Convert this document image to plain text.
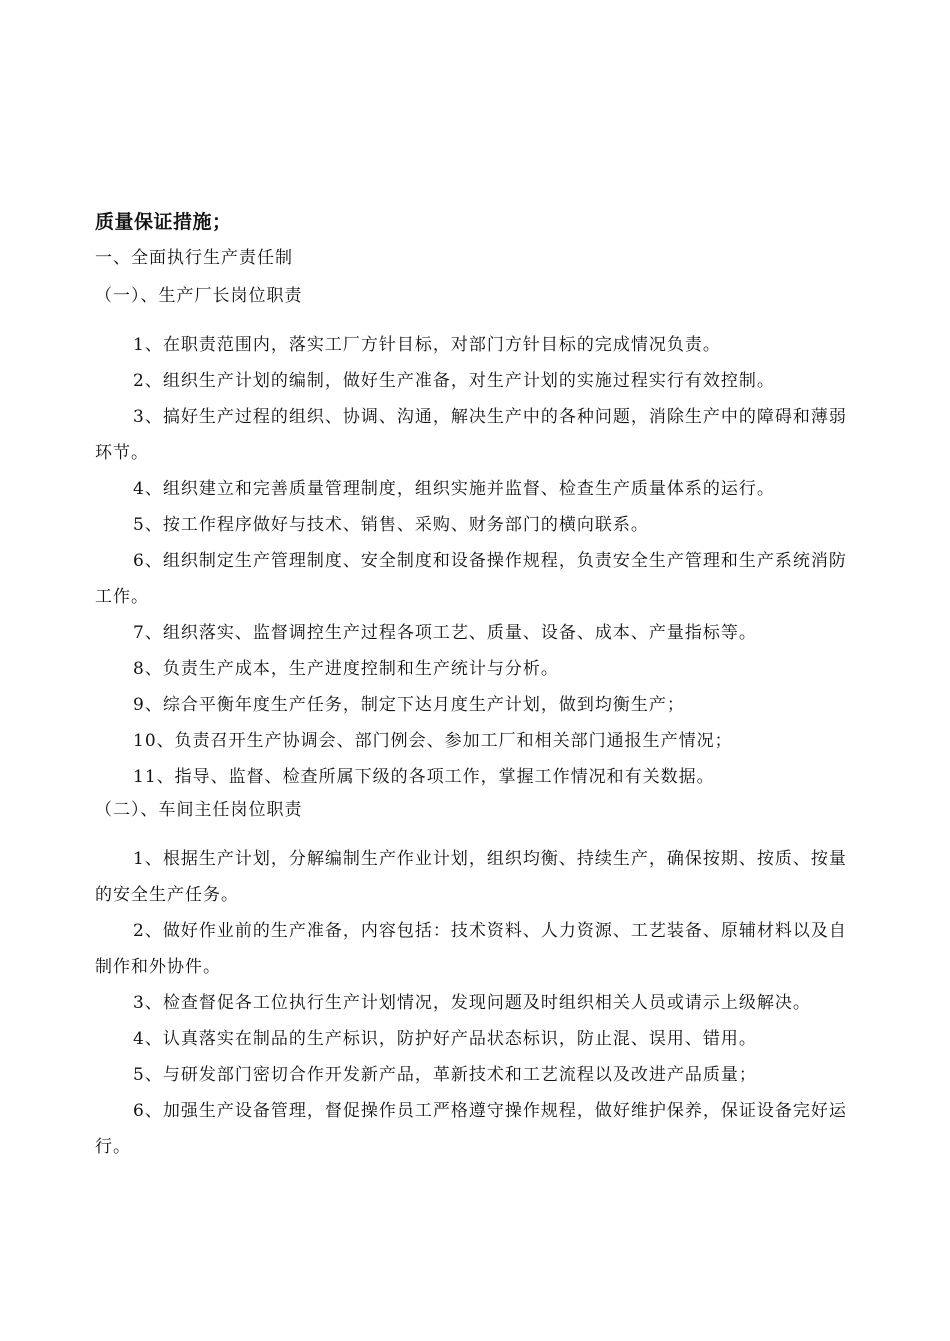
质量保证措施；

一、全面执行生产责任制

（一）、生产厂长岗位职责

1、在职责范围内，落实工厂方针目标，对部门方针目标的完成情况负责。

2、组织生产计划的编制，做好生产准备，对生产计划的实施过程实行有效控制。

3、搞好生产过程的组织、协调、沟通，解决生产中的各种问题，消除生产中的障碍和薄弱环节。

4、组织建立和完善质量管理制度，组织实施并监督、检查生产质量体系的运行。

5、按工作程序做好与技术、销售、采购、财务部门的横向联系。

6、组织制定生产管理制度、安全制度和设备操作规程，负责安全生产管理和生产系统消防工作。

7、组织落实、监督调控生产过程各项工艺、质量、设备、成本、产量指标等。

8、负责生产成本，生产进度控制和生产统计与分析。

9、综合平衡年度生产任务，制定下达月度生产计划，做到均衡生产；

10、负责召开生产协调会、部门例会、参加工厂和相关部门通报生产情况；

11、指导、监督、检查所属下级的各项工作，掌握工作情况和有关数据。

（二）、车间主任岗位职责

1、根据生产计划，分解编制生产作业计划，组织均衡、持续生产，确保按期、按质、按量的安全生产任务。

2、做好作业前的生产准备，内容包括：技术资料、人力资源、工艺装备、原辅材料以及自制作和外协件。

3、检查督促各工位执行生产计划情况，发现问题及时组织相关人员或请示上级解决。

4、认真落实在制品的生产标识，防护好产品状态标识，防止混、误用、错用。

5、与研发部门密切合作开发新产品，革新技术和工艺流程以及改进产品质量；

6、加强生产设备管理，督促操作员工严格遵守操作规程，做好维护保养，保证设备完好运行。
